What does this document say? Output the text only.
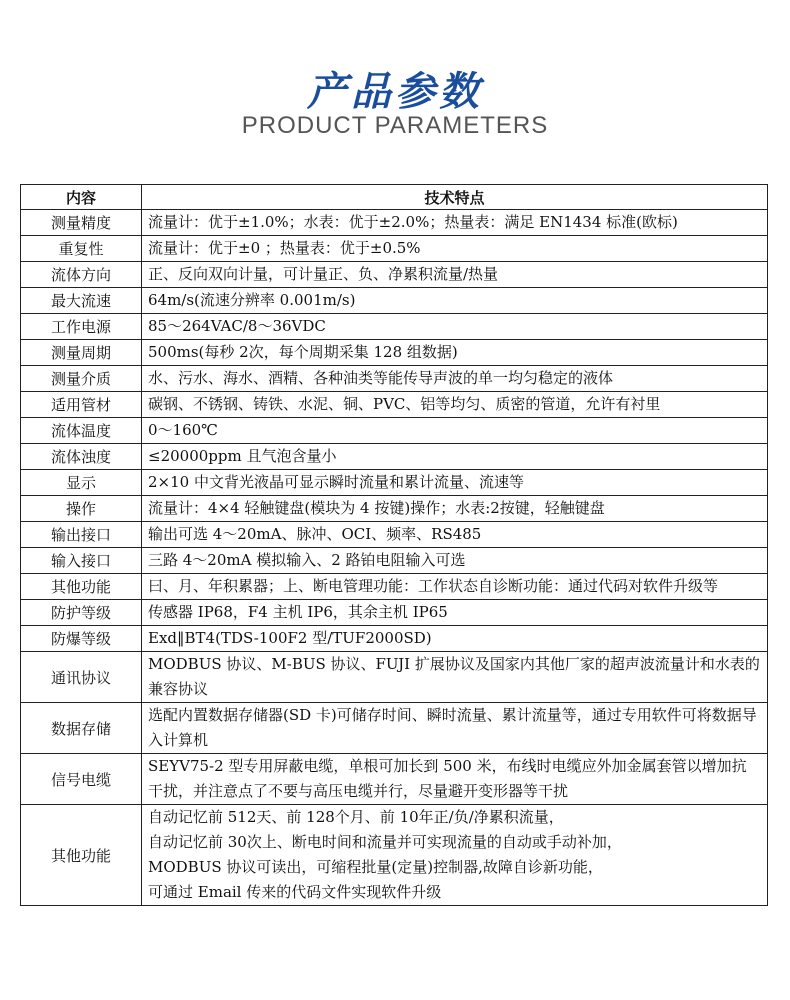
产品参数
PRODUCT PARAMETERS
内容	技术特点
测量精度	流量计：优于±1.0%；水表：优于±2.0%；热量表：满足 EN1434 标准(欧标)
重复性	流量计：优于±0 ；热量表：优于±0.5%
流体方向	正、反向双向计量，可计量正、负、净累积流量/热量
最大流速	64m/s(流速分辨率 0.001m/s)
工作电源	85～264VAC/8～36VDC
测量周期	500ms(每秒 2次，每个周期采集 128 组数据)
测量介质	水、污水、海水、酒精、各种油类等能传导声波的单一均匀稳定的液体
适用管材	碳钢、不锈钢、铸铁、水泥、铜、PVC、铝等均匀、质密的管道，允许有衬里
流体温度	0～160℃
流体浊度	≤20000ppm 且气泡含量小
显示	2×10 中文背光液晶可显示瞬时流量和累计流量、流速等
操作	流量计：4×4 轻触键盘(模块为 4 按键)操作；水表:2按键，轻触键盘
输出接口	输出可选 4～20mA、脉冲、OCI、频率、RS485
输入接口	三路 4～20mA 模拟输入、2 路铂电阻输入可选
其他功能	曰、月、年积累器；上、断电管理功能：工作状态自诊断功能：通过代码对软件升级等
防护等级	传感器 IP68，F4 主机 IP6，其余主机 IP65
防爆等级	Exd‖BT4(TDS-100F2 型/TUF2000SD)
通讯协议	MODBUS 协议、M-BUS 协议、FUJI 扩展协议及国家内其他厂家的超声波流量计和水表的兼容协议
数据存储	选配内置数据存储器(SD 卡)可储存时间、瞬时流量、累计流量等，通过专用软件可将数据导入计算机
信号电缆	SEYV75-2 型专用屏蔽电缆，单根可加长到 500 米，布线时电缆应外加金属套管以增加抗干扰，并注意点了不要与高压电缆并行，尽量避开变形器等干扰
其他功能	自动记忆前 512天、前 128个月、前 10年正/负/净累积流量，
自动记忆前 30次上、断电时间和流量并可实现流量的自动或手动补加，
MODBUS 协议可读出，可缩程批量(定量)控制器,故障自诊新功能，
可通过 Email 传来的代码文件实现软件升级
